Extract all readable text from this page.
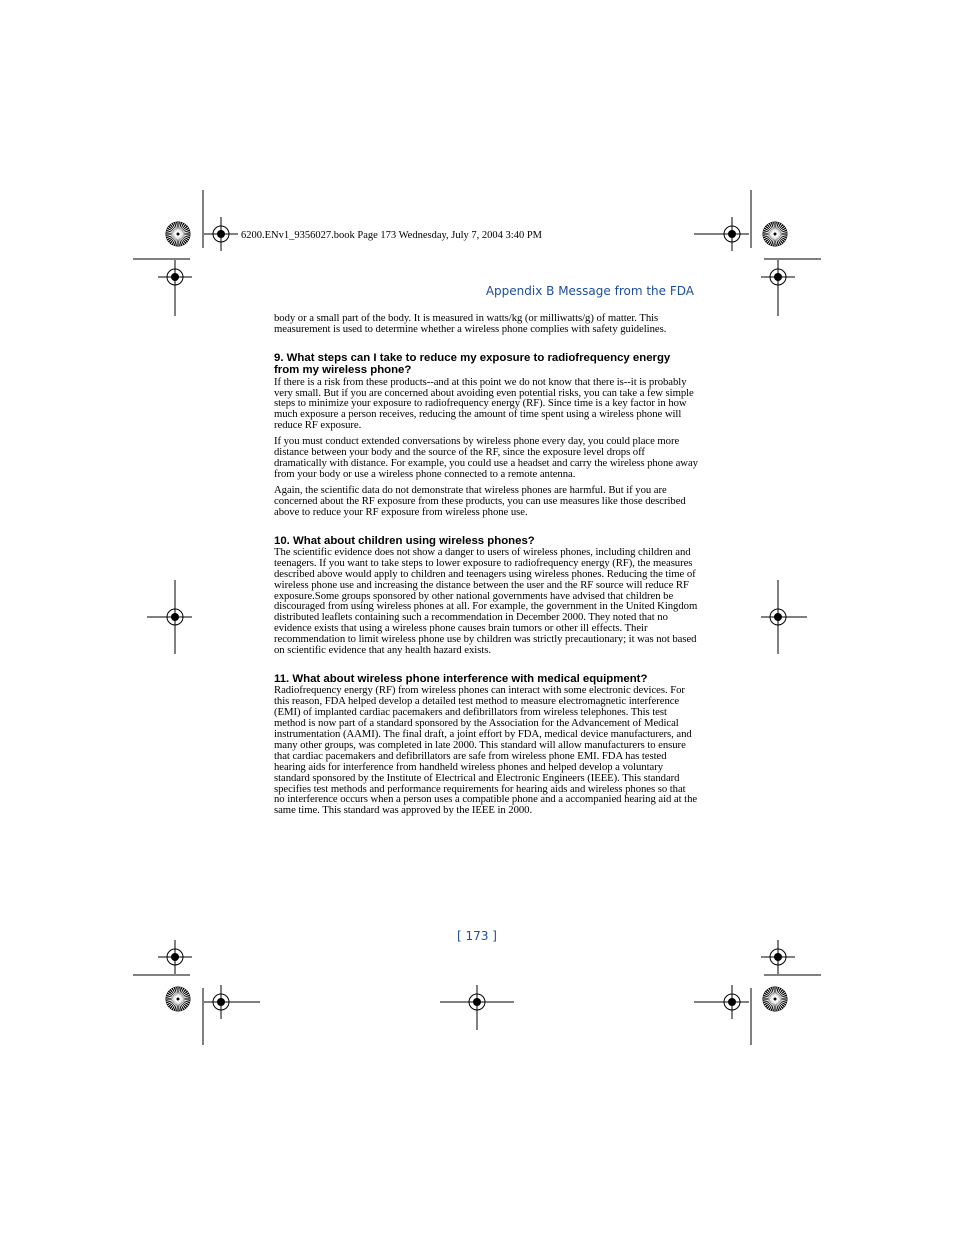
6200.ENv1_9356027.book Page 173 Wednesday, July 7, 2004 3:40 PM
Appendix B Message from the FDA

body or a small part of the body. It is measured in watts/kg (or milliwatts/g) of matter. This measurement is used to determine whether a wireless phone complies with safety guidelines.

9. What steps can I take to reduce my exposure to radiofrequency energy from my wireless phone?

If there is a risk from these products--and at this point we do not know that there is--it is probably very small. But if you are concerned about avoiding even potential risks, you can take a few simple steps to minimize your exposure to radiofrequency energy (RF). Since time is a key factor in how much exposure a person receives, reducing the amount of time spent using a wireless phone will reduce RF exposure.

If you must conduct extended conversations by wireless phone every day, you could place more distance between your body and the source of the RF, since the exposure level drops off dramatically with distance. For example, you could use a headset and carry the wireless phone away from your body or use a wireless phone connected to a remote antenna.

Again, the scientific data do not demonstrate that wireless phones are harmful. But if you are concerned about the RF exposure from these products, you can use measures like those described above to reduce your RF exposure from wireless phone use.

10. What about children using wireless phones?

The scientific evidence does not show a danger to users of wireless phones, including children and teenagers. If you want to take steps to lower exposure to radiofrequency energy (RF), the measures described above would apply to children and teenagers using wireless phones. Reducing the time of wireless phone use and increasing the distance between the user and the RF source will reduce RF exposure.Some groups sponsored by other national governments have advised that children be discouraged from using wireless phones at all. For example, the government in the United Kingdom distributed leaflets containing such a recommendation in December 2000. They noted that no evidence exists that using a wireless phone causes brain tumors or other ill effects. Their recommendation to limit wireless phone use by children was strictly precautionary; it was not based on scientific evidence that any health hazard exists.

11. What about wireless phone interference with medical equipment?

Radiofrequency energy (RF) from wireless phones can interact with some electronic devices. For this reason, FDA helped develop a detailed test method to measure electromagnetic interference (EMI) of implanted cardiac pacemakers and defibrillators from wireless telephones. This test method is now part of a standard sponsored by the Association for the Advancement of Medical instrumentation (AAMI). The final draft, a joint effort by FDA, medical device manufacturers, and many other groups, was completed in late 2000. This standard will allow manufacturers to ensure that cardiac pacemakers and defibrillators are safe from wireless phone EMI. FDA has tested hearing aids for interference from handheld wireless phones and helped develop a voluntary standard sponsored by the Institute of Electrical and Electronic Engineers (IEEE). This standard specifies test methods and performance requirements for hearing aids and wireless phones so that no interference occurs when a person uses a compatible phone and a accompanied hearing aid at the same time. This standard was approved by the IEEE in 2000.

[ 173 ]
